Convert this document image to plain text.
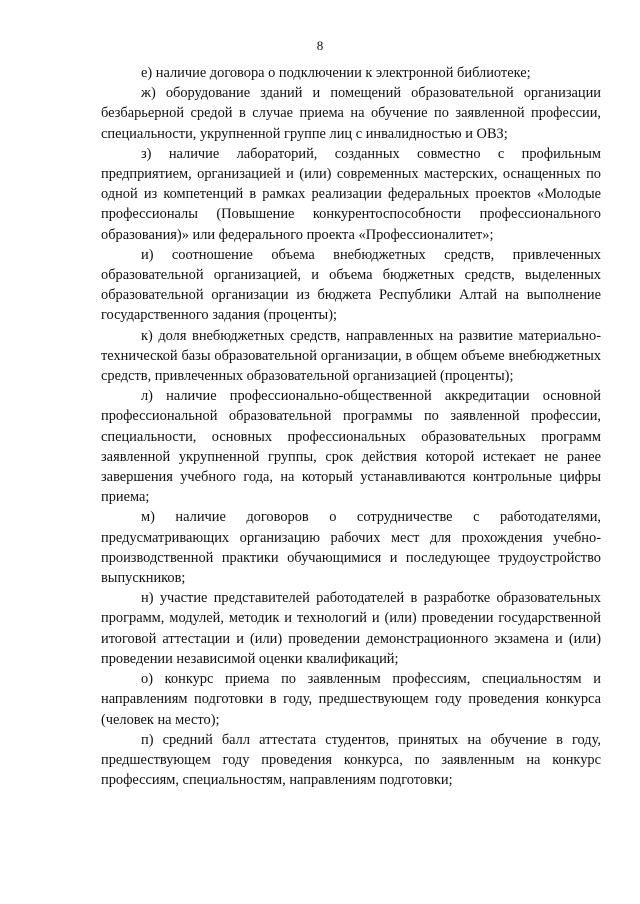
8

е) наличие договора о подключении к электронной библиотеке;

ж) оборудование зданий и помещений образовательной организации безбарьерной средой в случае приема на обучение по заявленной профессии, специальности, укрупненной группе лиц с инвалидностью и ОВЗ;

з) наличие лабораторий, созданных совместно с профильным предприятием, организацией и (или) современных мастерских, оснащенных по одной из компетенций в рамках реализации федеральных проектов «Молодые профессионалы (Повышение конкурентоспособности профессионального образования)» или федерального проекта «Профессионалитет»;

и) соотношение объема внебюджетных средств, привлеченных образовательной организацией, и объема бюджетных средств, выделенных образовательной организации из бюджета Республики Алтай на выполнение государственного задания (проценты);

к) доля внебюджетных средств, направленных на развитие материально- технической базы образовательной организации, в общем объеме внебюджетных средств, привлеченных образовательной организацией (проценты);

л) наличие профессионально-общественной аккредитации основной профессиональной образовательной программы по заявленной профессии, специальности, основных профессиональных образовательных программ заявленной укрупненной группы, срок действия которой истекает не ранее завершения учебного года, на который устанавливаются контрольные цифры приема;

м) наличие договоров о сотрудничестве с работодателями, предусматривающих организацию рабочих мест для прохождения учебно-производственной практики обучающимися и последующее трудоустройство выпускников;

н) участие представителей работодателей в разработке образовательных программ, модулей, методик и технологий и (или) проведении государственной итоговой аттестации и (или) проведении демонстрационного экзамена и (или) проведении независимой оценки квалификаций;

о) конкурс приема по заявленным профессиям, специальностям и направлениям подготовки в году, предшествующем году проведения конкурса (человек на место);

п) средний балл аттестата студентов, принятых на обучение в году, предшествующем году проведения конкурса, по заявленным на конкурс профессиям, специальностям, направлениям подготовки;
